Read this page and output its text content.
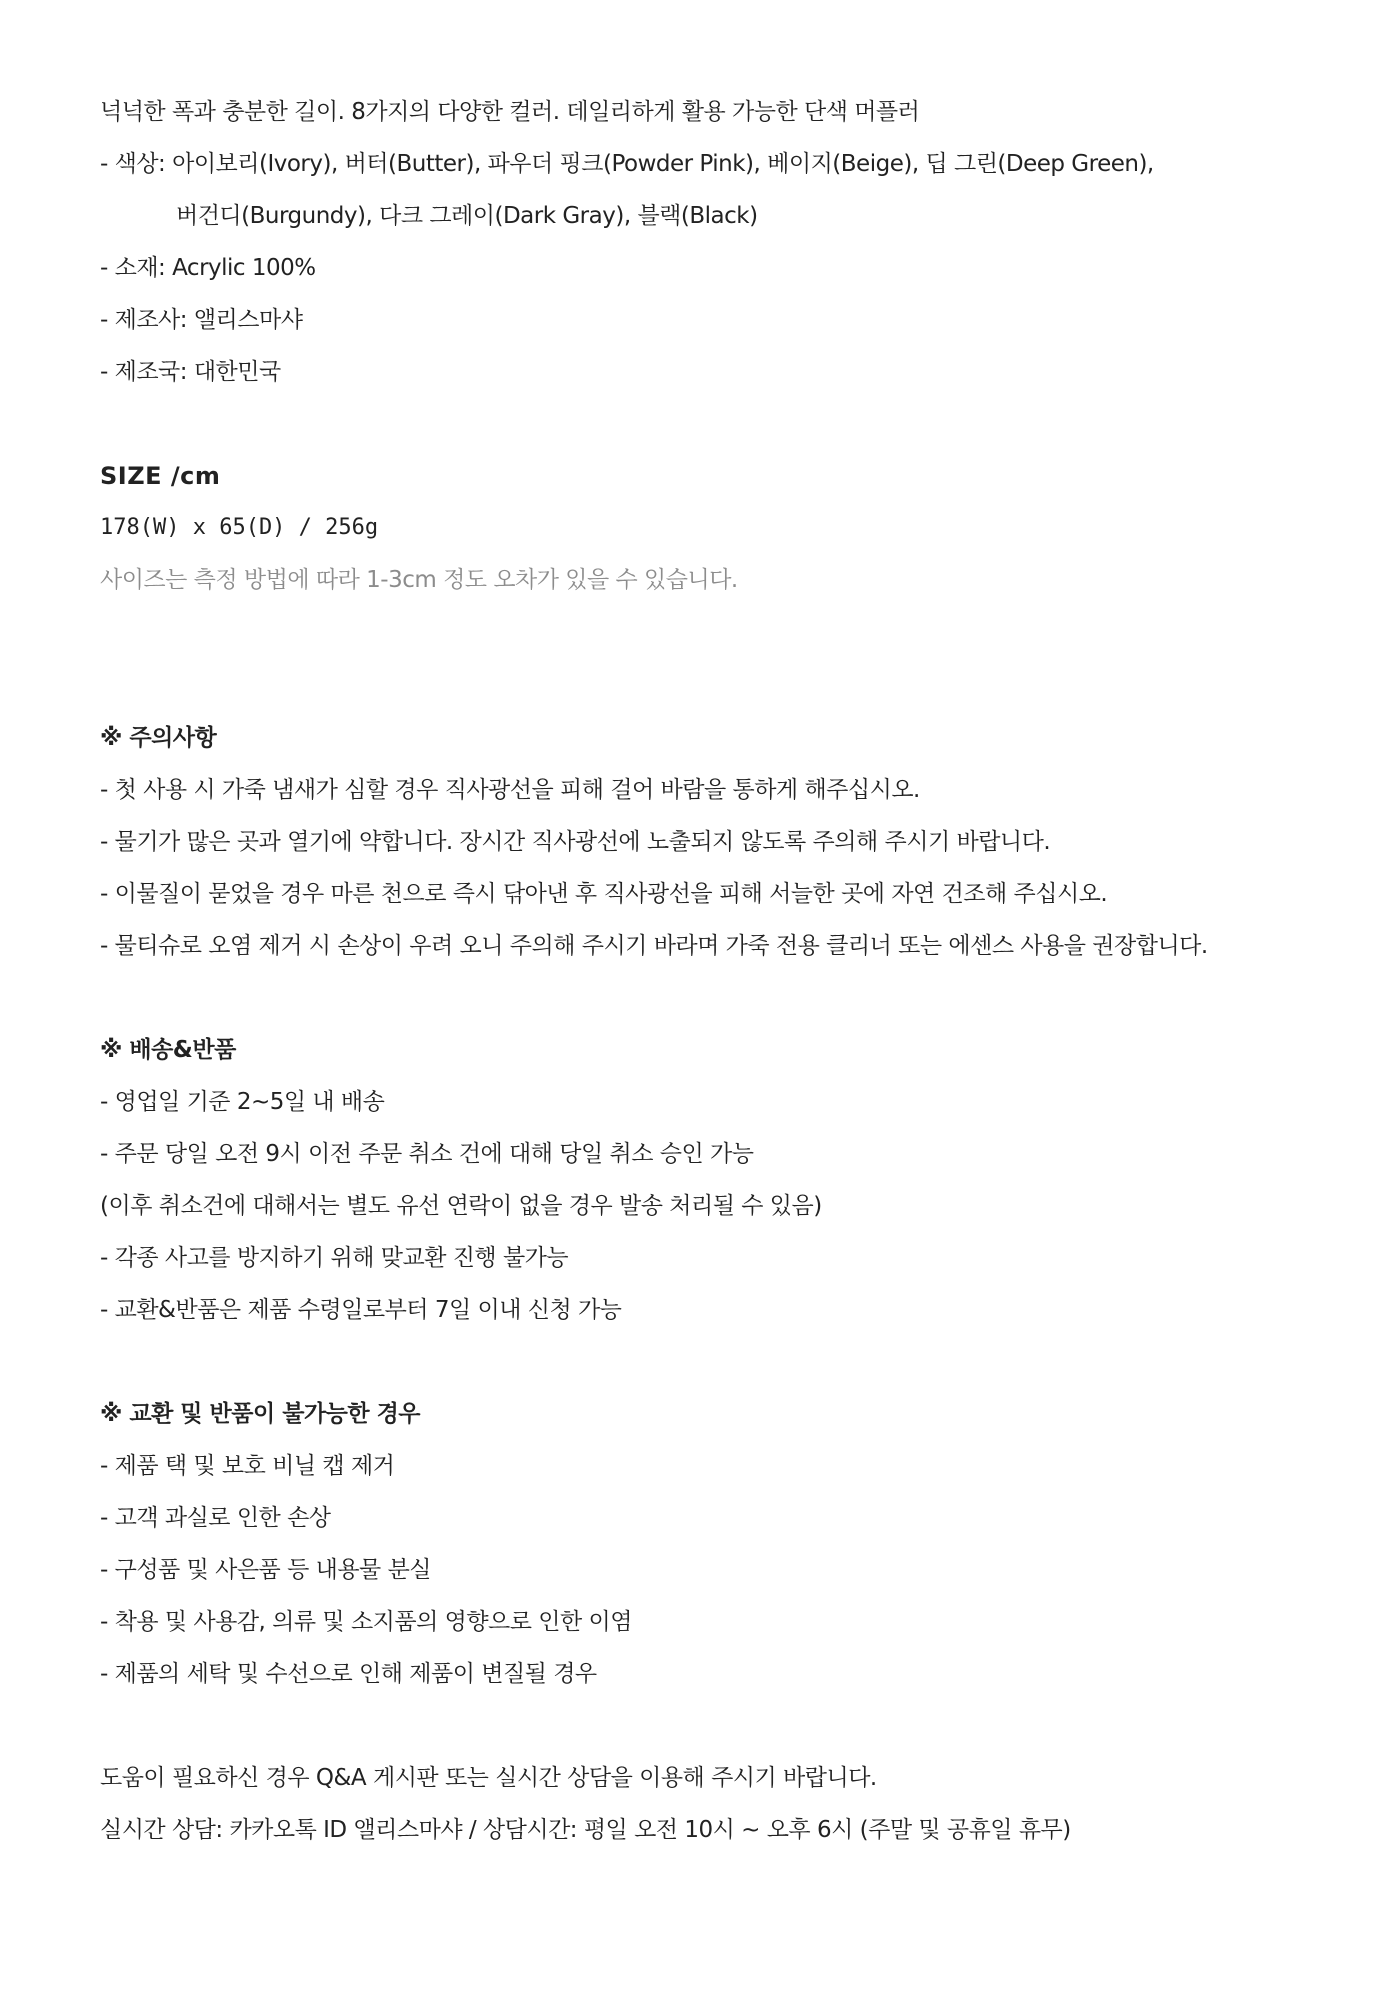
넉넉한 폭과 충분한 길이. 8가지의 다양한 컬러. 데일리하게 활용 가능한 단색 머플러
- 색상: 아이보리(Ivory), 버터(Butter), 파우더 핑크(Powder Pink), 베이지(Beige), 딥 그린(Deep Green),
버건디(Burgundy), 다크 그레이(Dark Gray), 블랙(Black)
- 소재: Acrylic 100%
- 제조사: 앨리스마샤
- 제조국: 대한민국
SIZE /cm
178(W) x 65(D) / 256g
사이즈는 측정 방법에 따라 1-3cm 정도 오차가 있을 수 있습니다.
※ 주의사항
- 첫 사용 시 가죽 냄새가 심할 경우 직사광선을 피해 걸어 바람을 통하게 해주십시오.
- 물기가 많은 곳과 열기에 약합니다. 장시간 직사광선에 노출되지 않도록 주의해 주시기 바랍니다.
- 이물질이 묻었을 경우 마른 천으로 즉시 닦아낸 후 직사광선을 피해 서늘한 곳에 자연 건조해 주십시오.
- 물티슈로 오염 제거 시 손상이 우려 오니 주의해 주시기 바라며 가죽 전용 클리너 또는 에센스 사용을 권장합니다.
※ 배송&반품
- 영업일 기준 2~5일 내 배송
- 주문 당일 오전 9시 이전 주문 취소 건에 대해 당일 취소 승인 가능
(이후 취소건에 대해서는 별도 유선 연락이 없을 경우 발송 처리될 수 있음)
- 각종 사고를 방지하기 위해 맞교환 진행 불가능
- 교환&반품은 제품 수령일로부터 7일 이내 신청 가능
※ 교환 및 반품이 불가능한 경우
- 제품 택 및 보호 비닐 캡 제거
- 고객 과실로 인한 손상
- 구성품 및 사은품 등 내용물 분실
- 착용 및 사용감, 의류 및 소지품의 영향으로 인한 이염
- 제품의 세탁 및 수선으로 인해 제품이 변질될 경우
도움이 필요하신 경우 Q&A 게시판 또는 실시간 상담을 이용해 주시기 바랍니다.
실시간 상담: 카카오톡 ID 앨리스마샤 / 상담시간: 평일 오전 10시 ~ 오후 6시 (주말 및 공휴일 휴무)
